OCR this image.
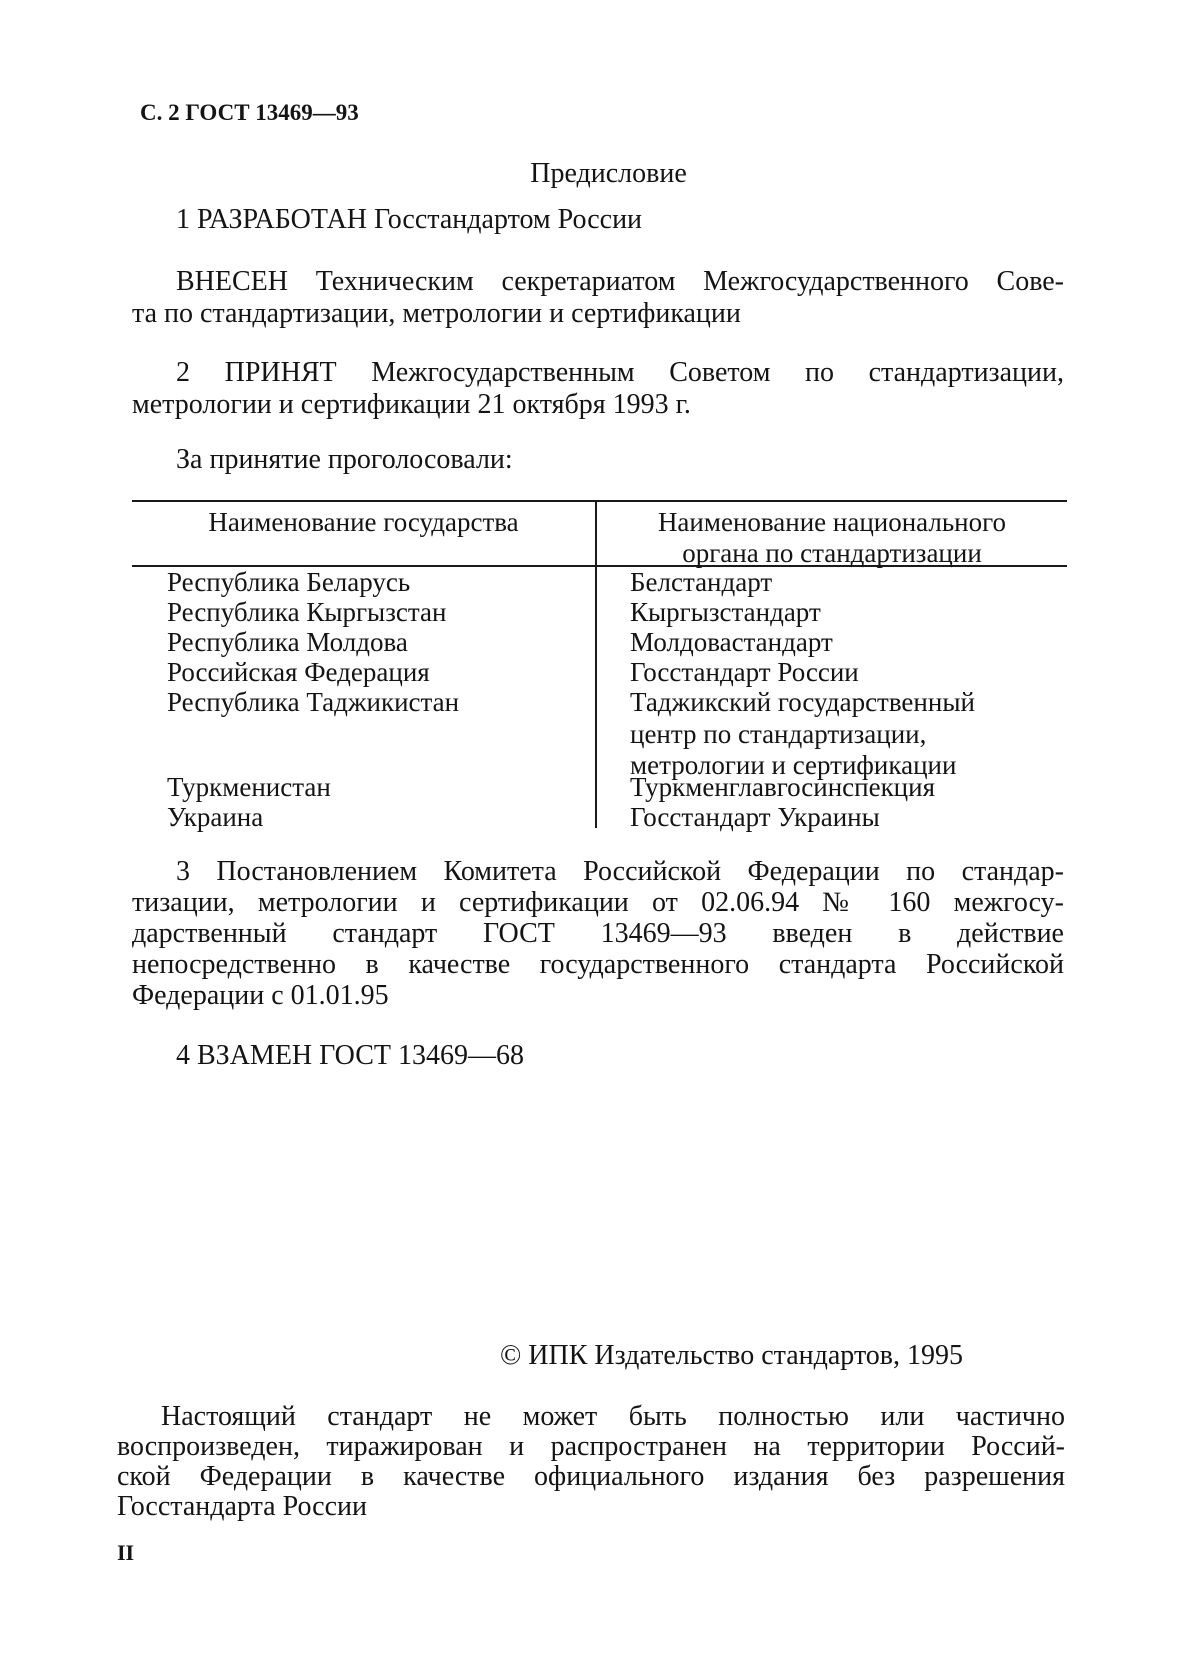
С. 2 ГОСТ 13469—93
Предисловие
1 РАЗРАБОТАН Госстандартом России
ВНЕСЕН Техническим секретариатом Межгосударственного Сове-
та по стандартизации, метрологии и сертификации
2 ПРИНЯТ Межгосударственным Советом по стандартизации,
метрологии и сертификации 21 октября 1993 г.
За принятие проголосовали:
Наименование государства	Наименование национального
органа по стандартизации
Республика Беларусь	Белстандарт
Республика Кыргызстан	Кыргызстандарт
Республика Молдова	Молдовастандарт
Российская Федерация	Госстандарт России
Республика Таджикистан	Таджикский государственный
центр по стандартизации,
метрологии и сертификации
Туркменистан	Туркменглавгосинспекция
Украина	Госстандарт Украины
3 Постановлением Комитета Российской Федерации по стандар-
тизации, метрологии и сертификации от 02.06.94 № 160 межгосу-
дарственный стандарт ГОСТ 13469—93 введен в действие
непосредственно в качестве государственного стандарта Российской
Федерации с 01.01.95
4 ВЗАМЕН ГОСТ 13469—68
© ИПК Издательство стандартов, 1995
Настоящий стандарт не может быть полностью или частично
воспроизведен, тиражирован и распространен на территории Россий-
ской Федерации в качестве официального издания без разрешения
Госстандарта России
II
